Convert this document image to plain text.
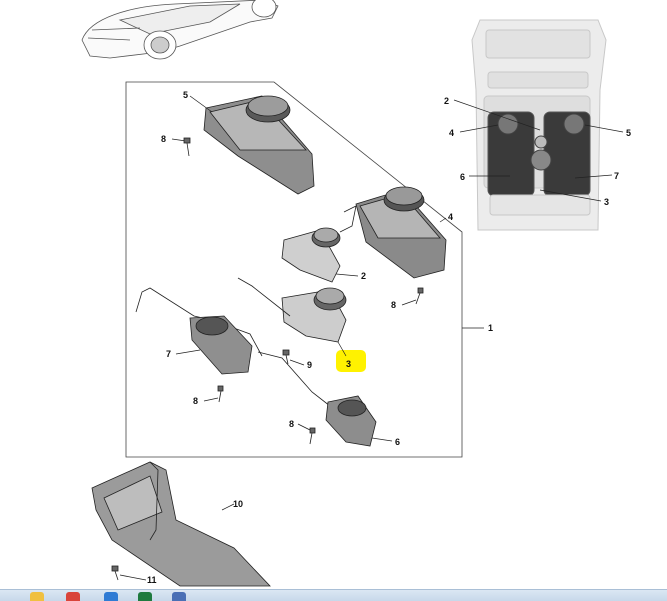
2
4	5
6	7
3
1
5
8
4
2
8
3
9
7
8
6
8
10
11
